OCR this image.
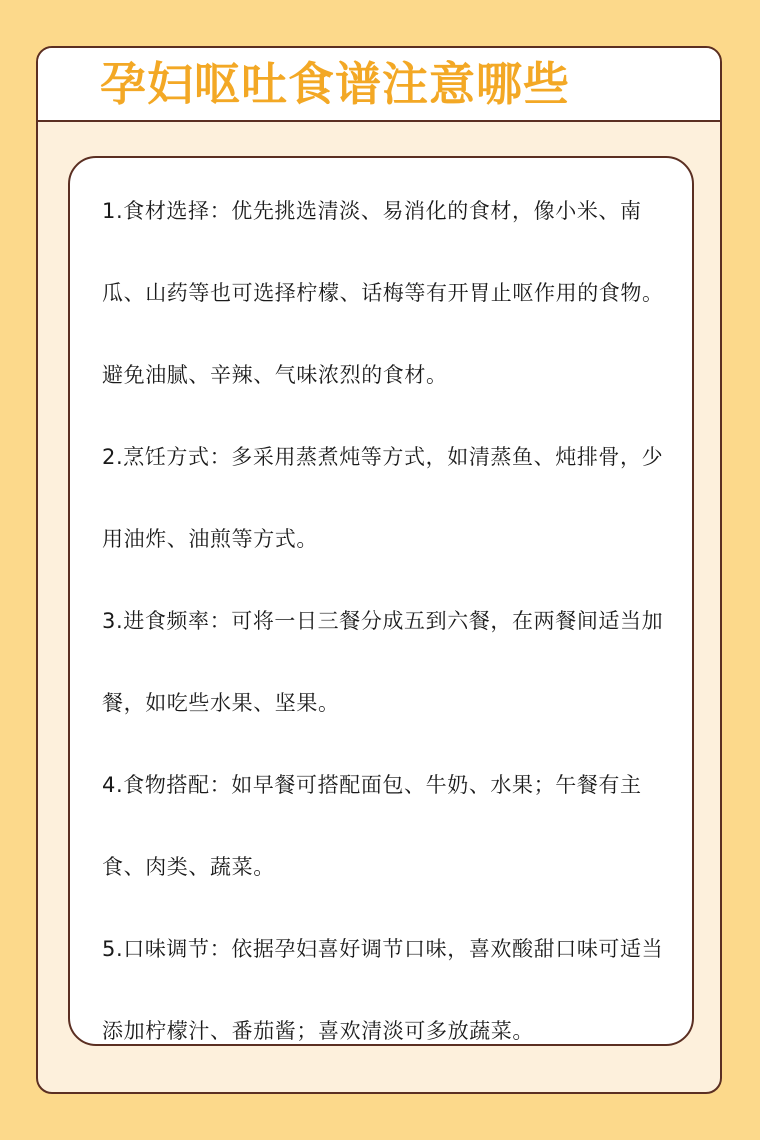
孕妇呕吐食谱注意哪些

1.食材选择：优先挑选清淡、易消化的食材，像小米、南瓜、山药等也可选择柠檬、话梅等有开胃止呕作用的食物。避免油腻、辛辣、气味浓烈的食材。

2.烹饪方式：多采用蒸煮炖等方式，如清蒸鱼、炖排骨，少用油炸、油煎等方式。

3.进食频率：可将一日三餐分成五到六餐，在两餐间适当加餐，如吃些水果、坚果。

4.食物搭配：如早餐可搭配面包、牛奶、水果；午餐有主食、肉类、蔬菜。

5.口味调节：依据孕妇喜好调节口味，喜欢酸甜口味可适当添加柠檬汁、番茄酱；喜欢清淡可多放蔬菜。
